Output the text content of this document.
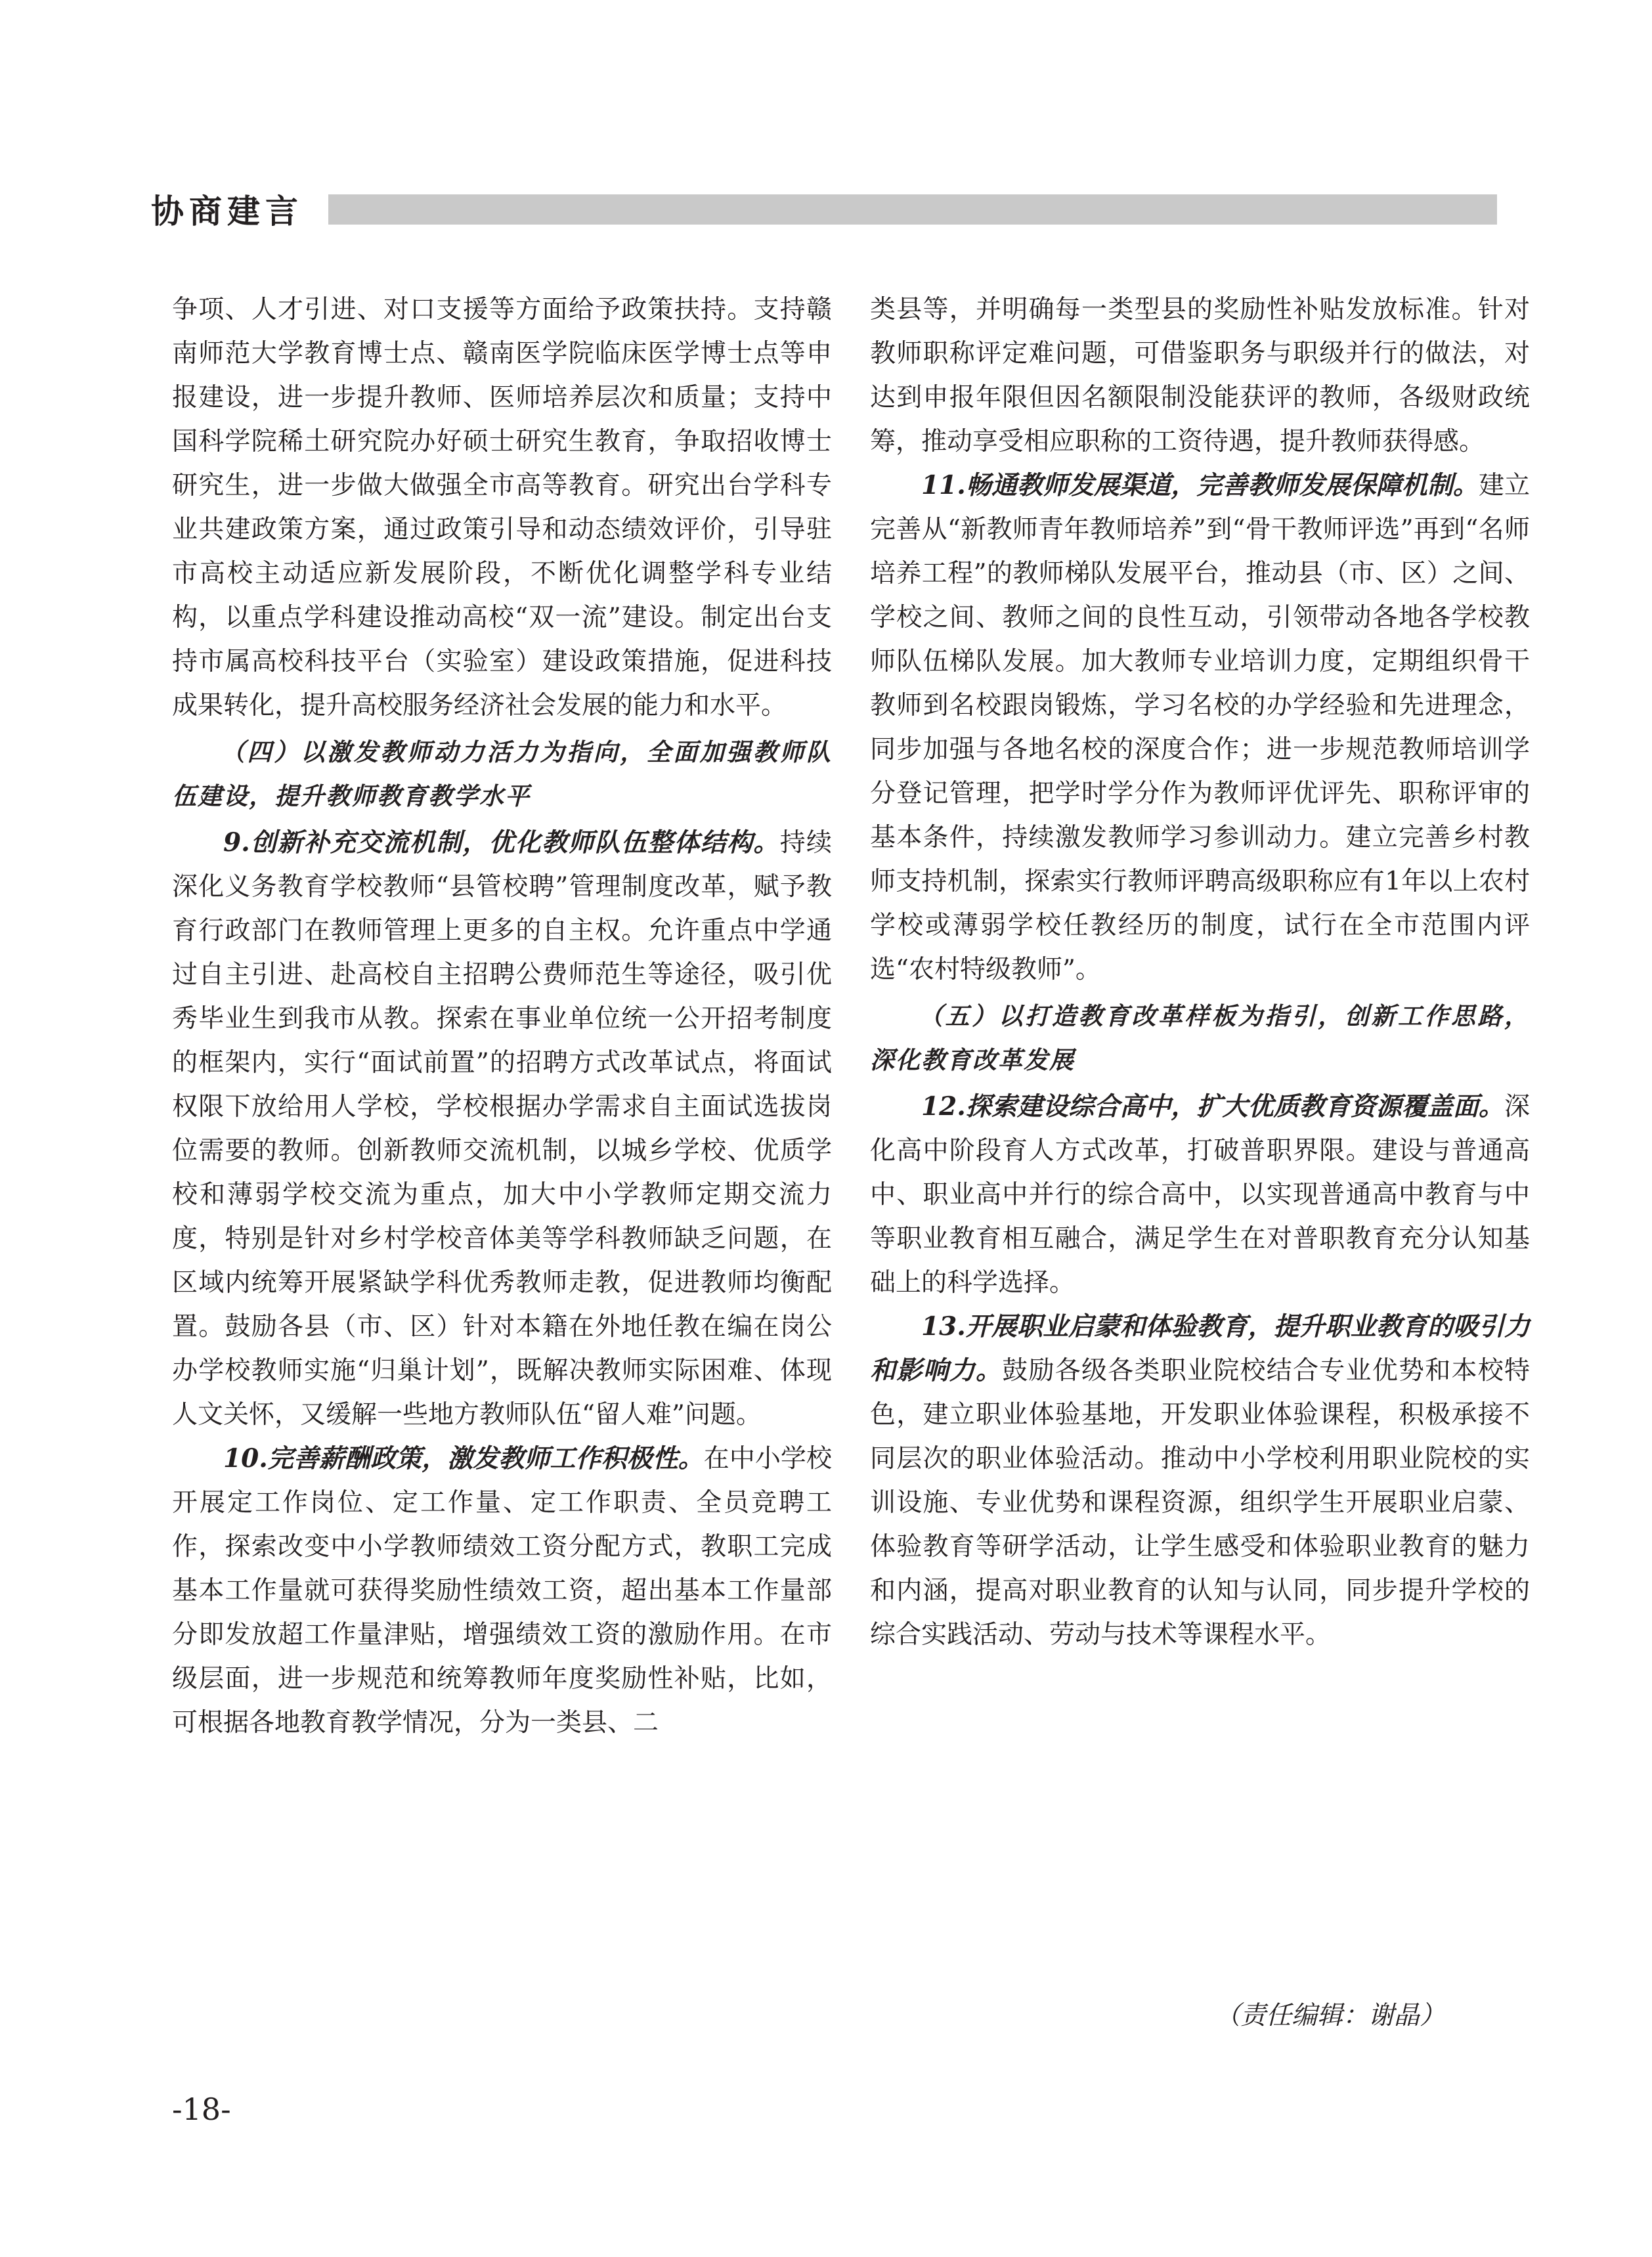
协商建言

争项、人才引进、对口支援等方面给予政策扶持。支持赣南师范大学教育博士点、赣南医学院临床医学博士点等申报建设，进一步提升教师、医师培养层次和质量；支持中国科学院稀土研究院办好硕士研究生教育，争取招收博士研究生，进一步做大做强全市高等教育。研究出台学科专业共建政策方案，通过政策引导和动态绩效评价，引导驻市高校主动适应新发展阶段，不断优化调整学科专业结构，以重点学科建设推动高校“双一流”建设。制定出台支持市属高校科技平台（实验室）建设政策措施，促进科技成果转化，提升高校服务经济社会发展的能力和水平。

（四）以激发教师动力活力为指向，全面加强教师队伍建设，提升教师教育教学水平

9.创新补充交流机制，优化教师队伍整体结构。持续深化义务教育学校教师“县管校聘”管理制度改革，赋予教育行政部门在教师管理上更多的自主权。允许重点中学通过自主引进、赴高校自主招聘公费师范生等途径，吸引优秀毕业生到我市从教。探索在事业单位统一公开招考制度的框架内，实行“面试前置”的招聘方式改革试点，将面试权限下放给用人学校，学校根据办学需求自主面试选拔岗位需要的教师。创新教师交流机制，以城乡学校、优质学校和薄弱学校交流为重点，加大中小学教师定期交流力度，特别是针对乡村学校音体美等学科教师缺乏问题，在区域内统筹开展紧缺学科优秀教师走教，促进教师均衡配置。鼓励各县（市、区）针对本籍在外地任教在编在岗公办学校教师实施“归巢计划”，既解决教师实际困难、体现人文关怀，又缓解一些地方教师队伍“留人难”问题。

10.完善薪酬政策，激发教师工作积极性。在中小学校开展定工作岗位、定工作量、定工作职责、全员竞聘工作，探索改变中小学教师绩效工资分配方式，教职工完成基本工作量就可获得奖励性绩效工资，超出基本工作量部分即发放超工作量津贴，增强绩效工资的激励作用。在市级层面，进一步规范和统筹教师年度奖励性补贴，比如，可根据各地教育教学情况，分为一类县、二

类县等，并明确每一类型县的奖励性补贴发放标准。针对教师职称评定难问题，可借鉴职务与职级并行的做法，对达到申报年限但因名额限制没能获评的教师，各级财政统筹，推动享受相应职称的工资待遇，提升教师获得感。

11.畅通教师发展渠道，完善教师发展保障机制。建立完善从“新教师青年教师培养”到“骨干教师评选”再到“名师培养工程”的教师梯队发展平台，推动县（市、区）之间、学校之间、教师之间的良性互动，引领带动各地各学校教师队伍梯队发展。加大教师专业培训力度，定期组织骨干教师到名校跟岗锻炼，学习名校的办学经验和先进理念，同步加强与各地名校的深度合作；进一步规范教师培训学分登记管理，把学时学分作为教师评优评先、职称评审的基本条件，持续激发教师学习参训动力。建立完善乡村教师支持机制，探索实行教师评聘高级职称应有1年以上农村学校或薄弱学校任教经历的制度，试行在全市范围内评选“农村特级教师”。

（五）以打造教育改革样板为指引，创新工作思路，深化教育改革发展

12.探索建设综合高中，扩大优质教育资源覆盖面。深化高中阶段育人方式改革，打破普职界限。建设与普通高中、职业高中并行的综合高中，以实现普通高中教育与中等职业教育相互融合，满足学生在对普职教育充分认知基础上的科学选择。

13.开展职业启蒙和体验教育，提升职业教育的吸引力和影响力。鼓励各级各类职业院校结合专业优势和本校特色，建立职业体验基地，开发职业体验课程，积极承接不同层次的职业体验活动。推动中小学校利用职业院校的实训设施、专业优势和课程资源，组织学生开展职业启蒙、体验教育等研学活动，让学生感受和体验职业教育的魅力和内涵，提高对职业教育的认知与认同，同步提升学校的综合实践活动、劳动与技术等课程水平。

（责任编辑：谢晶）
-18-
